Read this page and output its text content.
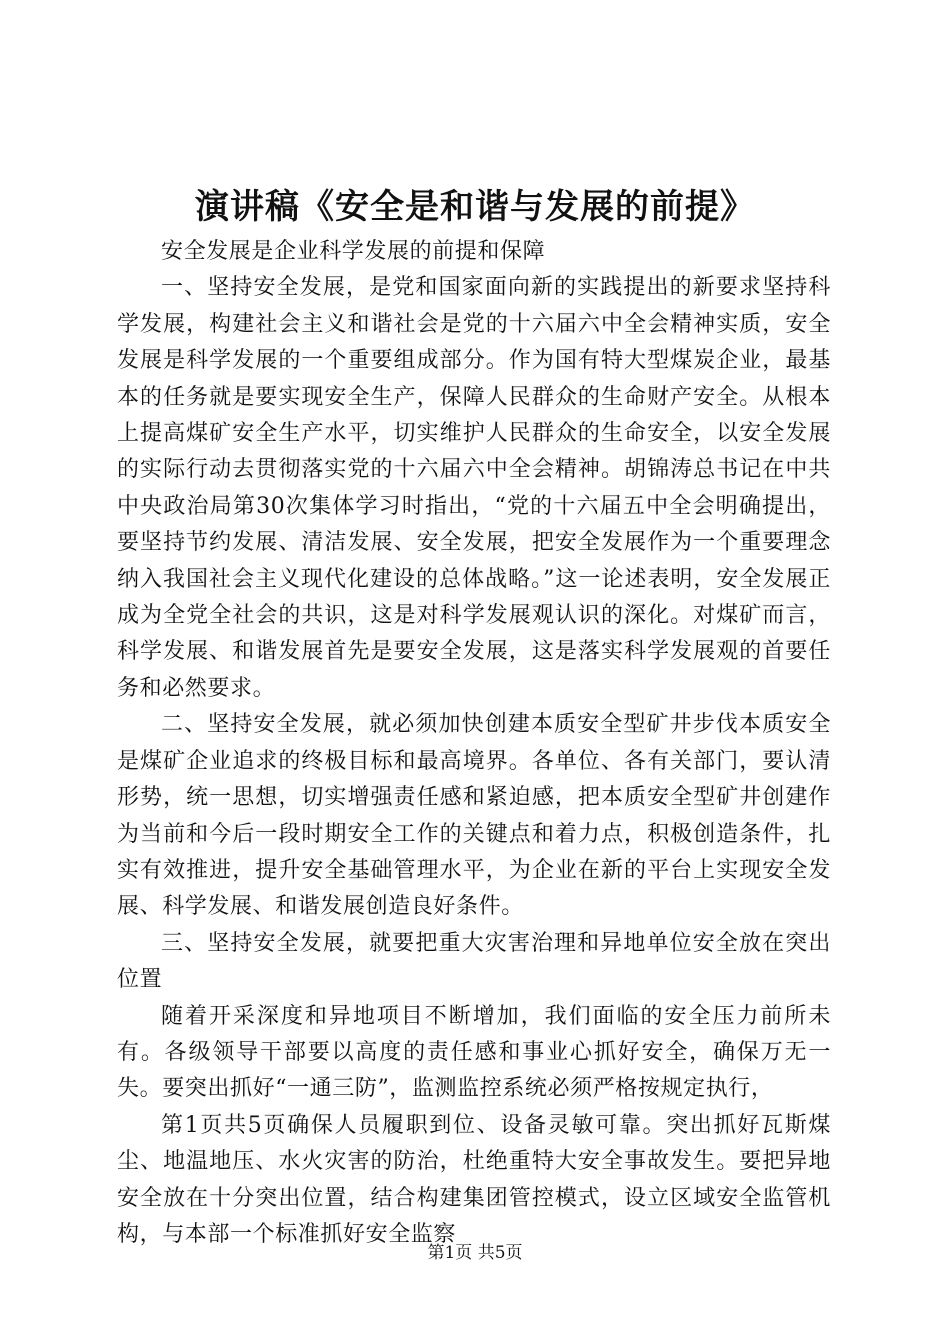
演讲稿《安全是和谐与发展的前提》

安全发展是企业科学发展的前提和保障

一、坚持安全发展，是党和国家面向新的实践提出的新要求坚持科学发展，构建社会主义和谐社会是党的十六届六中全会精神实质，安全发展是科学发展的一个重要组成部分。作为国有特大型煤炭企业，最基本的任务就是要实现安全生产，保障人民群众的生命财产安全。从根本上提高煤矿安全生产水平，切实维护人民群众的生命安全，以安全发展的实际行动去贯彻落实党的十六届六中全会精神。胡锦涛总书记在中共中央政治局第30次集体学习时指出，“党的十六届五中全会明确提出，要坚持节约发展、清洁发展、安全发展，把安全发展作为一个重要理念纳入我国社会主义现代化建设的总体战略。”这一论述表明，安全发展正成为全党全社会的共识，这是对科学发展观认识的深化。对煤矿而言，科学发展、和谐发展首先是要安全发展，这是落实科学发展观的首要任务和必然要求。

二、坚持安全发展，就必须加快创建本质安全型矿井步伐本质安全是煤矿企业追求的终极目标和最高境界。各单位、各有关部门，要认清形势，统一思想，切实增强责任感和紧迫感，把本质安全型矿井创建作为当前和今后一段时期安全工作的关键点和着力点，积极创造条件，扎实有效推进，提升安全基础管理水平，为企业在新的平台上实现安全发展、科学发展、和谐发展创造良好条件。

三、坚持安全发展，就要把重大灾害治理和异地单位安全放在突出位置

随着开采深度和异地项目不断增加，我们面临的安全压力前所未有。各级领导干部要以高度的责任感和事业心抓好安全，确保万无一失。要突出抓好“一通三防”，监测监控系统必须严格按规定执行，

第1页共5页确保人员履职到位、设备灵敏可靠。突出抓好瓦斯煤尘、地温地压、水火灾害的防治，杜绝重特大安全事故发生。要把异地安全放在十分突出位置，结合构建集团管控模式，设立区域安全监管机构，与本部一个标准抓好安全监察

第1页 共5页
